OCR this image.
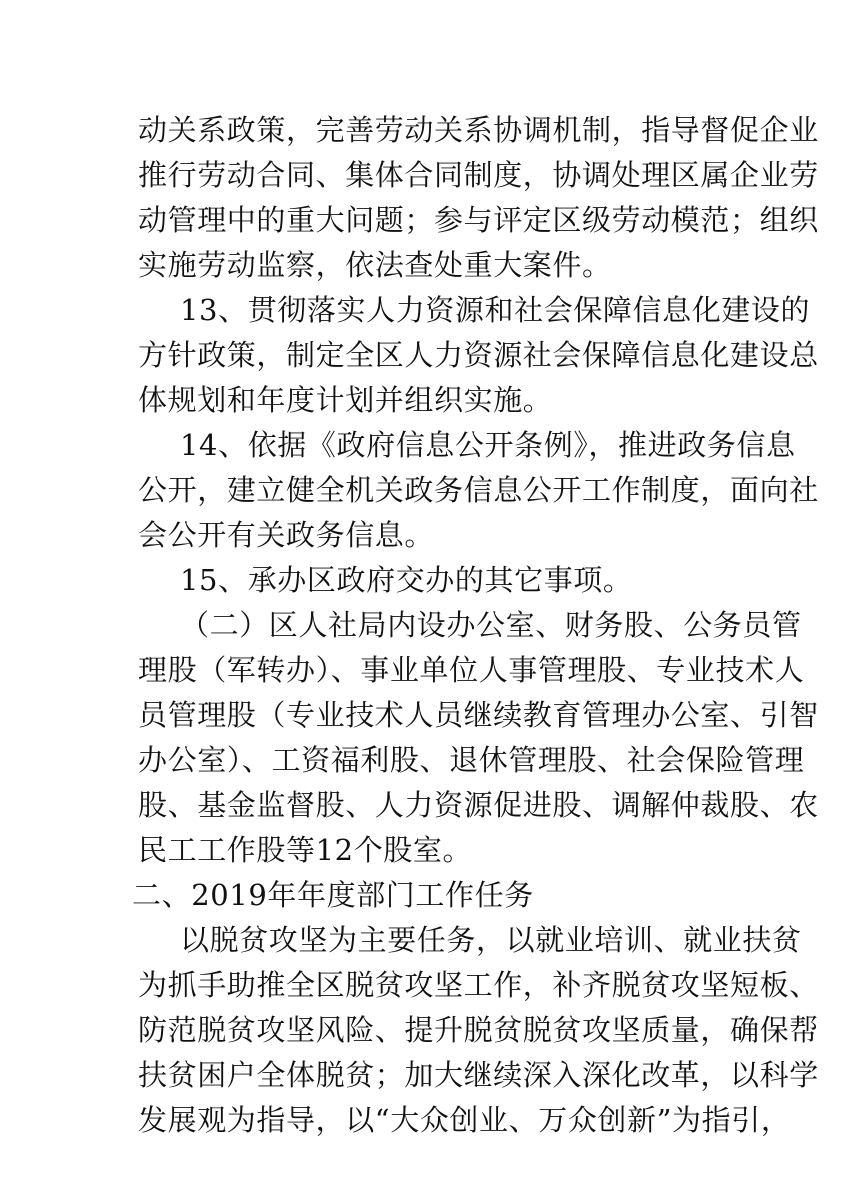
动关系政策，完善劳动关系协调机制，指导督促企业
推行劳动合同、集体合同制度，协调处理区属企业劳
动管理中的重大问题；参与评定区级劳动模范；组织
实施劳动监察，依法查处重大案件。
13、贯彻落实人力资源和社会保障信息化建设的
方针政策，制定全区人力资源社会保障信息化建设总
体规划和年度计划并组织实施。
14、依据《政府信息公开条例》，推进政务信息
公开，建立健全机关政务信息公开工作制度，面向社
会公开有关政务信息。
15、承办区政府交办的其它事项。
（二）区人社局内设办公室、财务股、公务员管
理股（军转办）、事业单位人事管理股、专业技术人
员管理股（专业技术人员继续教育管理办公室、引智
办公室）、工资福利股、退休管理股、社会保险管理
股、基金监督股、人力资源促进股、调解仲裁股、农
民工工作股等12个股室。
二、2019年年度部门工作任务
以脱贫攻坚为主要任务，以就业培训、就业扶贫
为抓手助推全区脱贫攻坚工作，补齐脱贫攻坚短板、
防范脱贫攻坚风险、提升脱贫脱贫攻坚质量，确保帮
扶贫困户全体脱贫；加大继续深入深化改革，以科学
发展观为指导，以“大众创业、万众创新”为指引，
